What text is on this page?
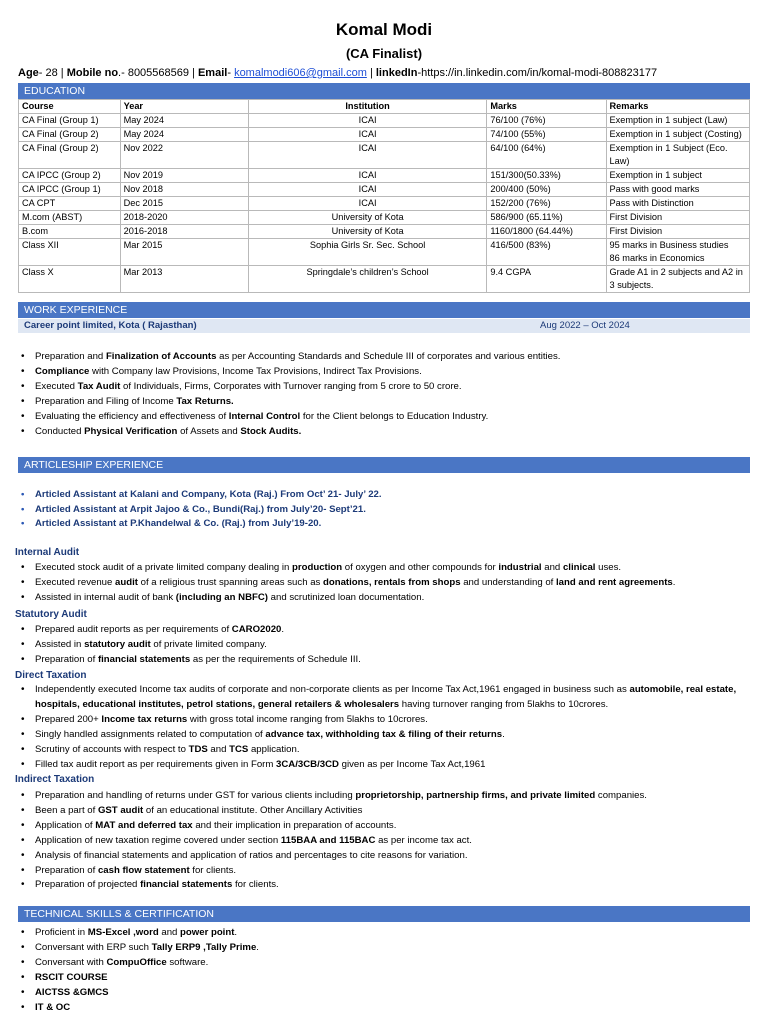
Komal Modi
(CA Finalist)
Age- 28 | Mobile no.- 8005568569 | Email- komalmodi606@gmail.com | linkedIn-https://in.linkedin.com/in/komal-modi-808823177
EDUCATION
Course	Year	Institution	Marks	Remarks
CA Final (Group 1)	May 2024	ICAI	76/100 (76%)	Exemption in 1 subject (Law)
CA Final (Group 2)	May 2024	ICAI	74/100 (55%)	Exemption in 1 subject (Costing)
CA Final (Group 2)	Nov 2022	ICAI	64/100 (64%)	Exemption in 1 Subject (Eco. Law)
CA IPCC (Group 2)	Nov 2019	ICAI	151/300(50.33%)	Exemption in 1 subject
CA IPCC (Group 1)	Nov 2018	ICAI	200/400 (50%)	Pass with good marks
CA CPT	Dec 2015	ICAI	152/200 (76%)	Pass with Distinction
M.com (ABST)	2018-2020	University of Kota	586/900 (65.11%)	First Division
B.com	2016-2018	University of Kota	1160/1800 (64.44%)	First Division
Class XII	Mar 2015	Sophia Girls Sr. Sec. School	416/500 (83%)	95 marks in Business studies
86 marks in Economics
Class X	Mar 2013	Springdale’s children’s School	9.4 CGPA	Grade A1 in 2 subjects and A2 in 3 subjects.
WORK EXPERIENCE
Career point limited, Kota ( Rajasthan)	Aug 2022 – Oct 2024
• Preparation and Finalization of Accounts as per Accounting Standards and Schedule III of corporates and various entities.
• Compliance with Company law Provisions, Income Tax Provisions, Indirect Tax Provisions.
• Executed Tax Audit of Individuals, Firms, Corporates with Turnover ranging from 5 crore to 50 crore.
• Preparation and Filing of Income Tax Returns.
• Evaluating the efficiency and effectiveness of Internal Control for the Client belongs to Education Industry.
• Conducted Physical Verification of Assets and Stock Audits.
ARTICLESHIP EXPERIENCE
• Articled Assistant at Kalani and Company, Kota (Raj.) From Oct’ 21- July’ 22.
• Articled Assistant at Arpit Jajoo & Co., Bundi(Raj.) from July’20- Sept’21.
• Articled Assistant at P.Khandelwal & Co. (Raj.) from July’19-20.
Internal Audit
• Executed stock audit of a private limited company dealing in production of oxygen and other compounds for industrial and clinical uses.
• Executed revenue audit of a religious trust spanning areas such as donations, rentals from shops and understanding of land and rent agreements.
• Assisted in internal audit of bank (including an NBFC) and scrutinized loan documentation.
Statutory Audit
• Prepared audit reports as per requirements of CARO2020.
• Assisted in statutory audit of private limited company.
• Preparation of financial statements as per the requirements of Schedule III.
Direct Taxation
• Independently executed Income tax audits of corporate and non-corporate clients as per Income Tax Act,1961 engaged in business such as automobile, real estate, hospitals, educational institutes, petrol stations, general retailers & wholesalers having turnover ranging from 5lakhs to 10crores.
• Prepared 200+ Income tax returns with gross total income ranging from 5lakhs to 10crores.
• Singly handled assignments related to computation of advance tax, withholding tax & filing of their returns.
• Scrutiny of accounts with respect to TDS and TCS application.
• Filled tax audit report as per requirements given in Form 3CA/3CB/3CD given as per Income Tax Act,1961
Indirect Taxation
• Preparation and handling of returns under GST for various clients including proprietorship, partnership firms, and private limited companies.
• Been a part of GST audit of an educational institute. Other Ancillary Activities
• Application of MAT and deferred tax and their implication in preparation of accounts.
• Application of new taxation regime covered under section 115BAA and 115BAC as per income tax act.
• Analysis of financial statements and application of ratios and percentages to cite reasons for variation.
• Preparation of cash flow statement for clients.
• Preparation of projected financial statements for clients.
TECHNICAL SKILLS & CERTIFICATION
• Proficient in MS-Excel ,word and power point.
• Conversant with ERP such Tally ERP9 ,Tally Prime.
• Conversant with CompuOffice software.
• RSCIT COURSE
• AICTSS &GMCS
• IT & OC
